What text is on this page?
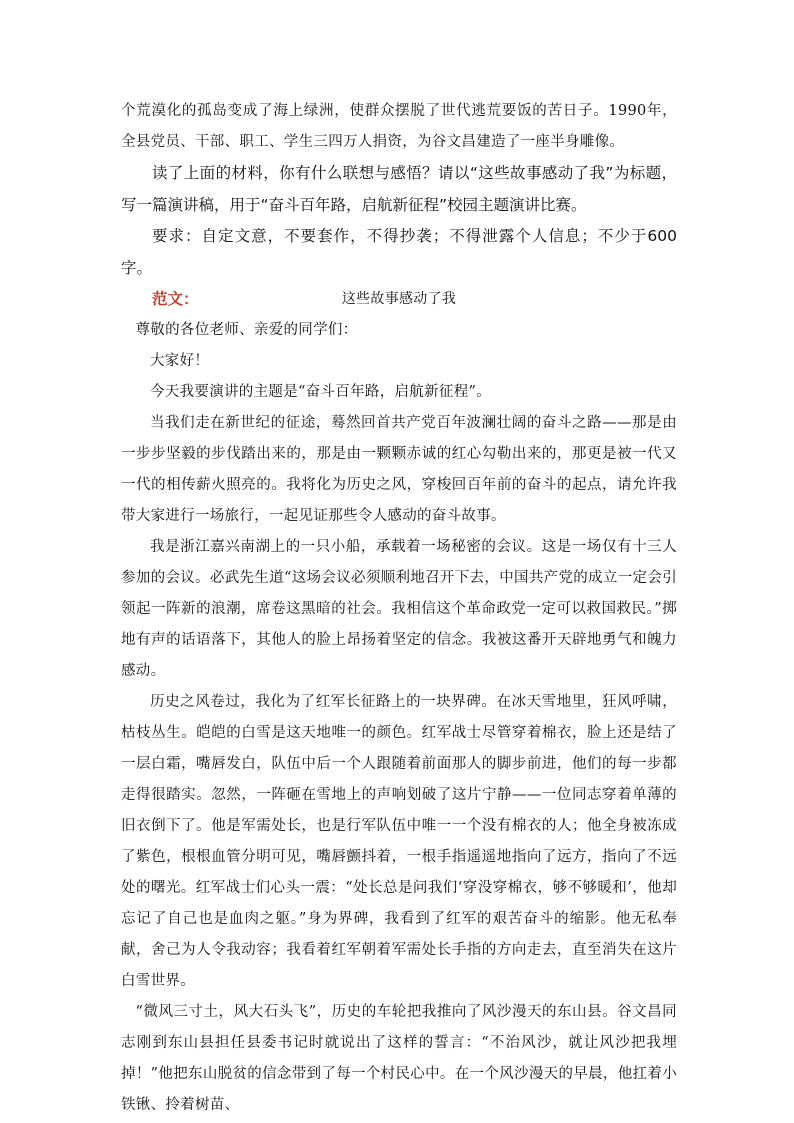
个荒漠化的孤岛变成了海上绿洲，使群众摆脱了世代逃荒要饭的苦日子。1990年，全县党员、干部、职工、学生三四万人捐资，为谷文昌建造了一座半身雕像。

读了上面的材料，你有什么联想与感悟？请以“这些故事感动了我”为标题，写一篇演讲稿，用于“奋斗百年路，启航新征程”校园主题演讲比赛。

要求：自定文意，不要套作，不得抄袭；不得泄露个人信息；不少于600字。

范文：	这些故事感动了我

尊敬的各位老师、亲爱的同学们：

大家好！

今天我要演讲的主题是“奋斗百年路，启航新征程”。

当我们走在新世纪的征途，蓦然回首共产党百年波澜壮阔的奋斗之路——那是由一步步坚毅的步伐踏出来的，那是由一颗颗赤诚的红心勾勒出来的，那更是被一代又一代的相传薪火照亮的。我将化为历史之风，穿梭回百年前的奋斗的起点，请允许我带大家进行一场旅行，一起见证那些令人感动的奋斗故事。

我是浙江嘉兴南湖上的一只小船，承载着一场秘密的会议。这是一场仅有十三人参加的会议。必武先生道“这场会议必须顺利地召开下去，中国共产党的成立一定会引领起一阵新的浪潮，席卷这黑暗的社会。我相信这个革命政党一定可以救国救民。”掷地有声的话语落下，其他人的脸上昂扬着坚定的信念。我被这番开天辟地勇气和魄力感动。

历史之风卷过，我化为了红军长征路上的一块界碑。在冰天雪地里，狂风呼啸，枯枝丛生。皑皑的白雪是这天地唯一的颜色。红军战士尽管穿着棉衣，脸上还是结了一层白霜，嘴唇发白，队伍中后一个人跟随着前面那人的脚步前进，他们的每一步都走得很踏实。忽然，一阵砸在雪地上的声响划破了这片宁静——一位同志穿着单薄的旧衣倒下了。他是军需处长，也是行军队伍中唯一一个没有棉衣的人；他全身被冻成了紫色，根根血管分明可见，嘴唇颤抖着，一根手指遥遥地指向了远方，指向了不远处的曙光。红军战士们心头一震：“处长总是问我们‘穿没穿棉衣，够不够暖和’，他却忘记了自己也是血肉之躯。”身为界碑，我看到了红军的艰苦奋斗的缩影。他无私奉献，舍己为人令我动容；我看着红军朝着军需处长手指的方向走去，直至消失在这片白雪世界。

“微风三寸土，风大石头飞”，历史的车轮把我推向了风沙漫天的东山县。谷文昌同志刚到东山县担任县委书记时就说出了这样的誓言：“不治风沙，就让风沙把我埋掉！”他把东山脱贫的信念带到了每一个村民心中。在一个风沙漫天的早晨，他扛着小铁锹、拎着树苗、
